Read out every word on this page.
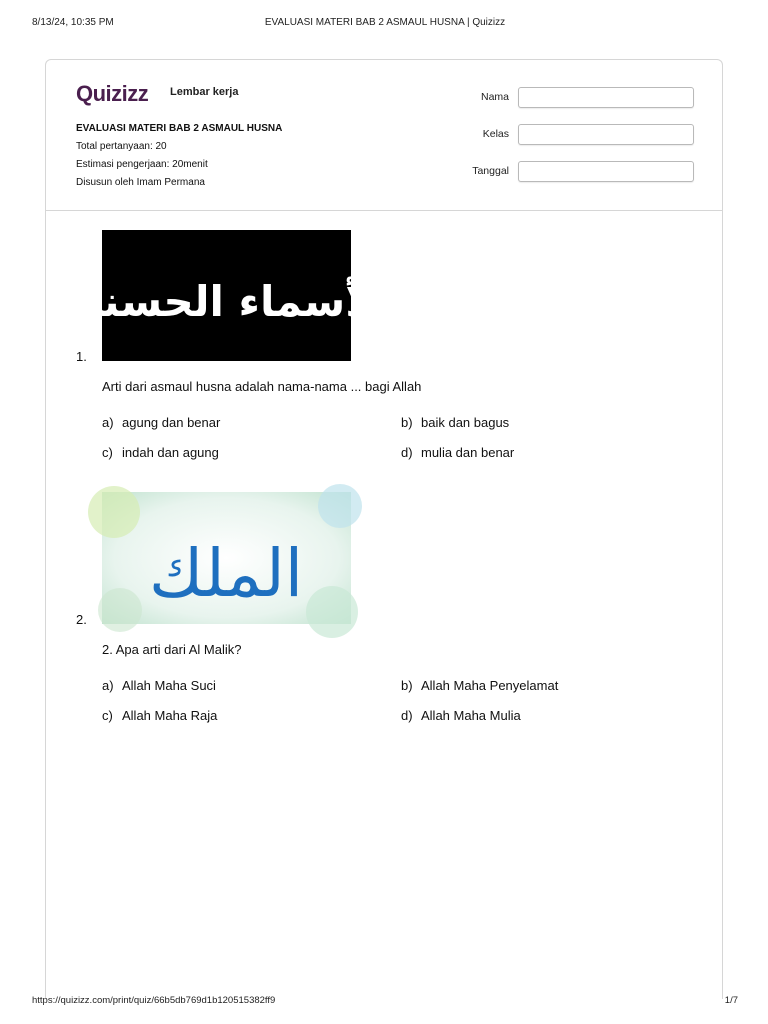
8/13/24, 10:35 PM	EVALUASI MATERI BAB 2 ASMAUL HUSNA | Quizizz
Quizizz Lembar kerja
EVALUASI MATERI BAB 2 ASMAUL HUSNA
Total pertanyaan: 20
Estimasi pengerjaan: 20menit
Disusun oleh Imam Permana
Nama
Kelas
Tanggal
1.
الأسماء الحسنى
Arti dari asmaul husna adalah nama-nama ... bagi Allah
a) agung dan benar	b) baik dan bagus
c) indah dan agung	d) mulia dan benar
2.
الملك
2. Apa arti dari Al Malik?
a) Allah Maha Suci	b) Allah Maha Penyelamat
c) Allah Maha Raja	d) Allah Maha Mulia
https://quizizz.com/print/quiz/66b5db769d1b120515382ff9	1/7
